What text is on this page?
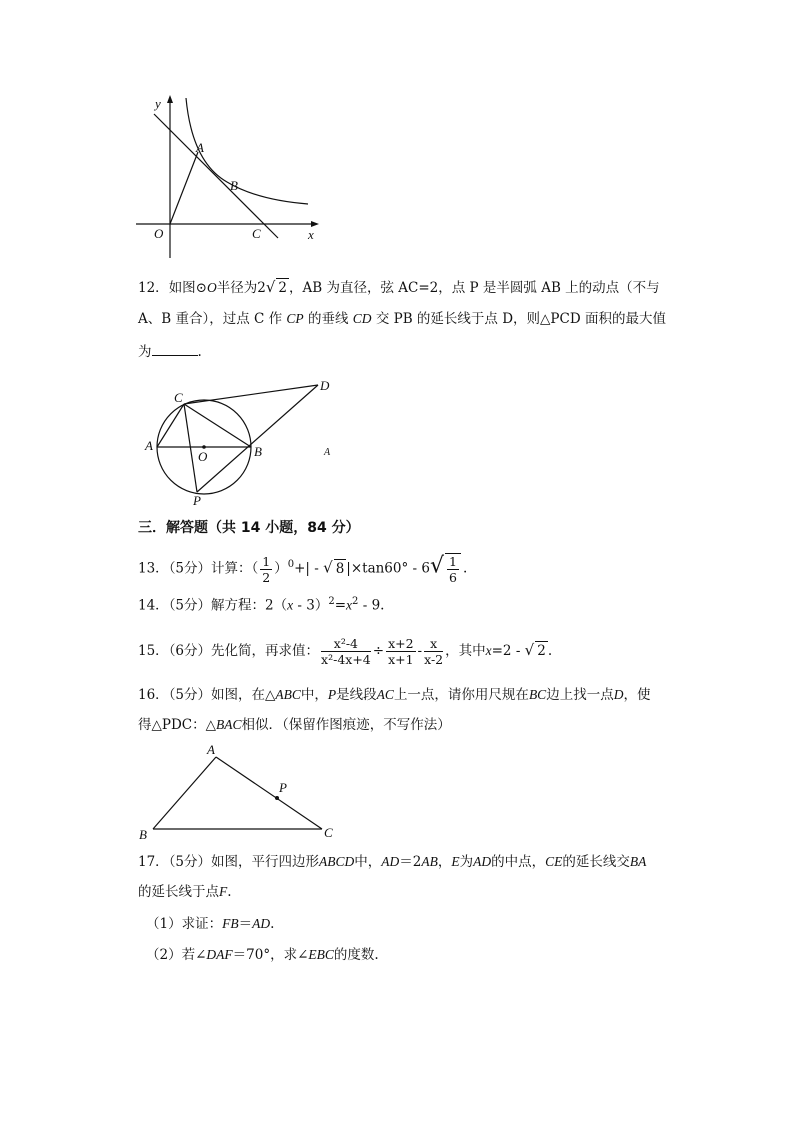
y
A
B
O	C	x
12．如图⊙O半径为2√ 2 ，AB 为直径，弦 AC=2，点 P 是半圆弧 AB 上的动点（不与
A、B 重合），过点 C 作 CP 的垂线 CD 交 PB 的延长线于点 D，则△PCD 面积的最大值
为	.
C
D
A
O	B
P
A
三．解答题（共 14 小题，84 分）
13．（5分）计算：（ $\frac{1}{2} )^0+|$ - √ 8 $|\times\tan 60^\circ - 6√ \frac{1}{6}$ .
14．（5分）解方程：$2(x - 3)^2=x^2 - 9$.
15．（6分）先化简，再求值： $\frac{\text{x²-4}}{\text{x²-4x+4}} \div \frac{x+2}{x+1} - \frac{x}{x-2}$ ，其中x=2 - √ 2 .
16．（5分）如图，在△ABC中，P是线段AC上一点，请你用尺规在BC边上找一点D，使
得△PDC：△BAC相似．（保留作图痕迹，不写作法）
A
P
B	C
17．（5分）如图，平行四边形ABCD中，AD＝2AB，E为AD的中点，CE的延长线交BA
的延长线于点F.
（1）求证：FB＝AD.
（2）若∠DAF＝70°，求∠EBC的度数.
